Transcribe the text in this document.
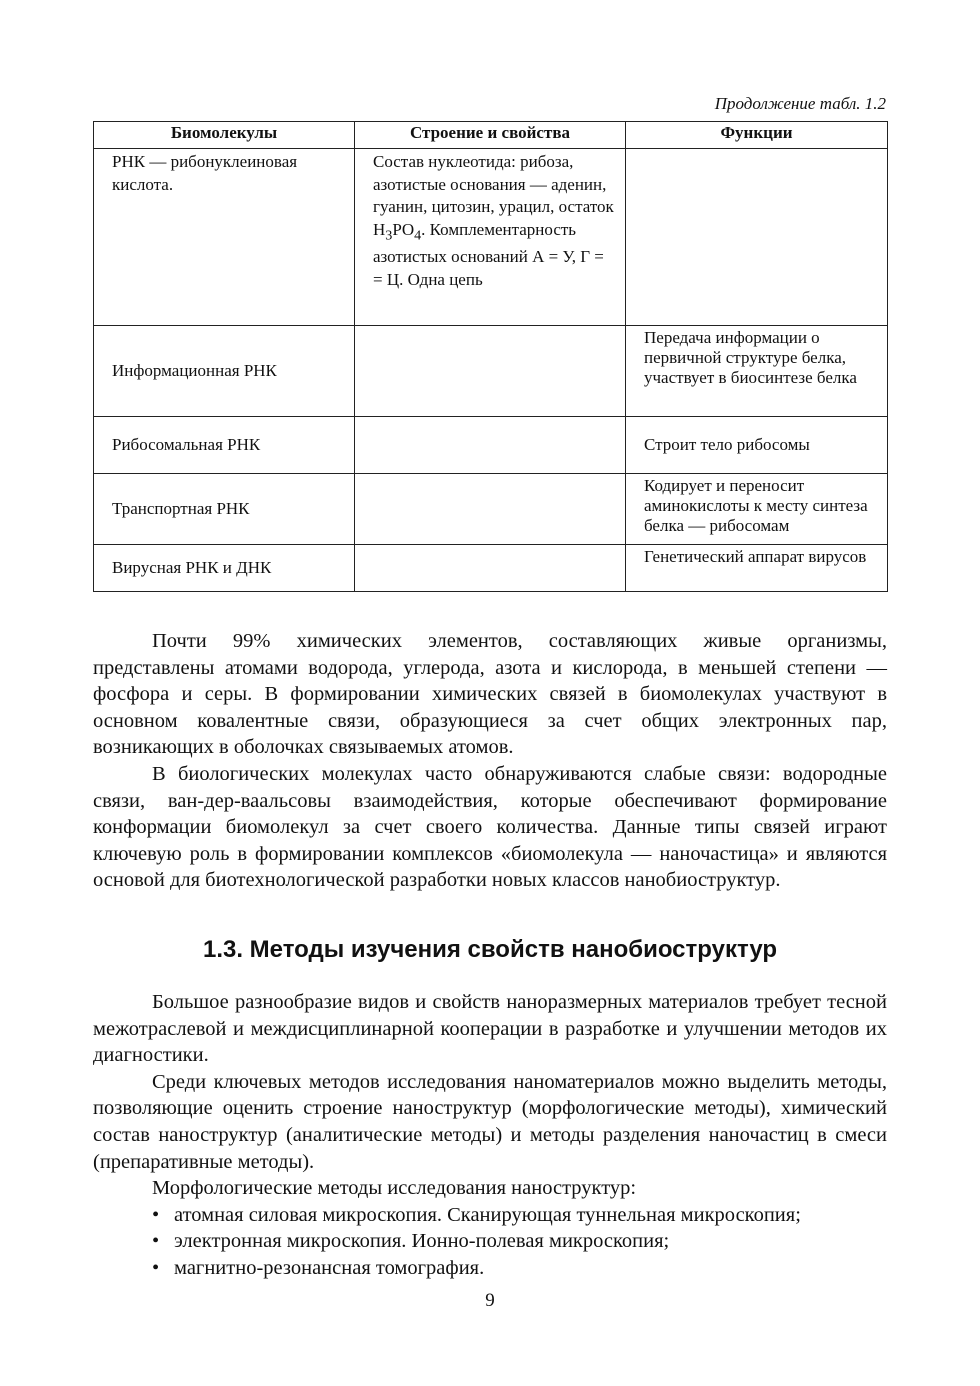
Продолжение табл. 1.2
Биомолекулы	Строение и свойства	Функции
РНК — рибонуклеиновая кислота.	Состав нуклеотида: рибоза, азотистые основания — аденин, гуанин, цитозин, урацил, остаток $H_3PO_4$. Комплементарность азотистых оснований А = У, Г = = Ц. Одна цепь	
Информационная РНК		Передача информации о первичной структуре белка, участвует в биосинтезе белка
Рибосомальная РНК		Строит тело рибосомы
Транспортная РНК		Кодирует и переносит аминокислоты к месту синтеза белка — рибосомам
Вирусная РНК и ДНК		Генетический аппарат вирусов

Почти 99% химических элементов, составляющих живые организмы, представлены атомами водорода, углерода, азота и кислорода, в меньшей степени — фосфора и серы. В формировании химических связей в биомолекулах участвуют в основном ковалентные связи, образующиеся за счет общих электронных пар, возникающих в оболочках связываемых атомов.

В биологических молекулах часто обнаруживаются слабые связи: водородные связи, ван-дер-ваальсовы взаимодействия, которые обеспечивают формирование конформации биомолекул за счет своего количества. Данные типы связей играют ключевую роль в формировании комплексов «биомолекула — наночастица» и являются основой для биотехнологической разработки новых классов нанобиоструктур.

1.3. Методы изучения свойств нанобиоструктур

Большое разнообразие видов и свойств наноразмерных материалов требует тесной межотраслевой и междисциплинарной кооперации в разработке и улучшении методов их диагностики.

Среди ключевых методов исследования наноматериалов можно выделить методы, позволяющие оценить строение наноструктур (морфологические методы), химический состав наноструктур (аналитические методы) и методы разделения наночастиц в смеси (препаративные методы).

Морфологические методы исследования наноструктур:

• атомная силовая микроскопия. Сканирующая туннельная микроскопия;
• электронная микроскопия. Ионно-полевая микроскопия;
• магнитно-резонансная томография.
9
